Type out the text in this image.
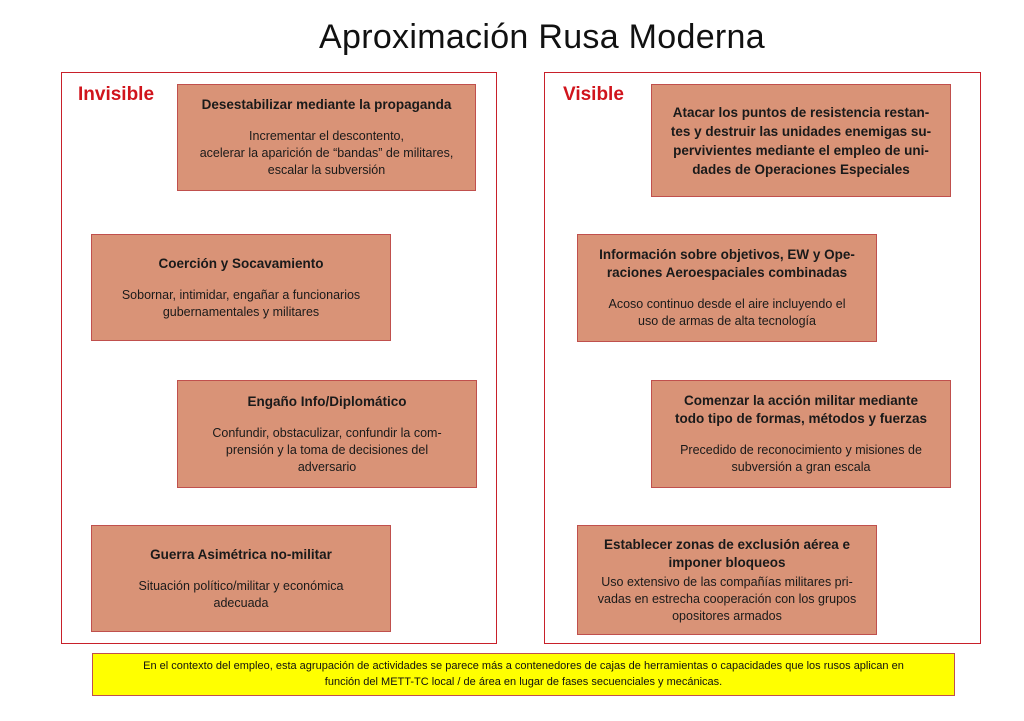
Aproximación Rusa Moderna
Invisible	Visible
Desestabilizar mediante la propaganda
Incrementar el descontento,
acelerar la aparición de “bandas” de militares,
escalar la subversión
Coerción y Socavamiento
Sobornar, intimidar, engañar a funcionarios
gubernamentales y militares
Engaño Info/Diplomático
Confundir, obstaculizar, confundir la com-
prensión y la toma de decisiones del
adversario
Guerra Asimétrica no-militar
Situación político/militar y económica
adecuada
Atacar los puntos de resistencia restan-
tes y destruir las unidades enemigas su-
pervivientes mediante el empleo de uni-
dades de Operaciones Especiales
Información sobre objetivos, EW y Ope-
raciones Aeroespaciales combinadas
Acoso continuo desde el aire incluyendo el
uso de armas de alta tecnología
Comenzar la acción militar mediante
todo tipo de formas, métodos y fuerzas
Precedido de reconocimiento y misiones de
subversión a gran escala
Establecer zonas de exclusión aérea e
imponer bloqueos
Uso extensivo de las compañías militares pri-
vadas en estrecha cooperación con los grupos
opositores armados
En el contexto del empleo, esta agrupación de actividades se parece más a contenedores de cajas de herramientas o capacidades que los rusos aplican en
función del METT-TC local / de área en lugar de fases secuenciales y mecánicas.
